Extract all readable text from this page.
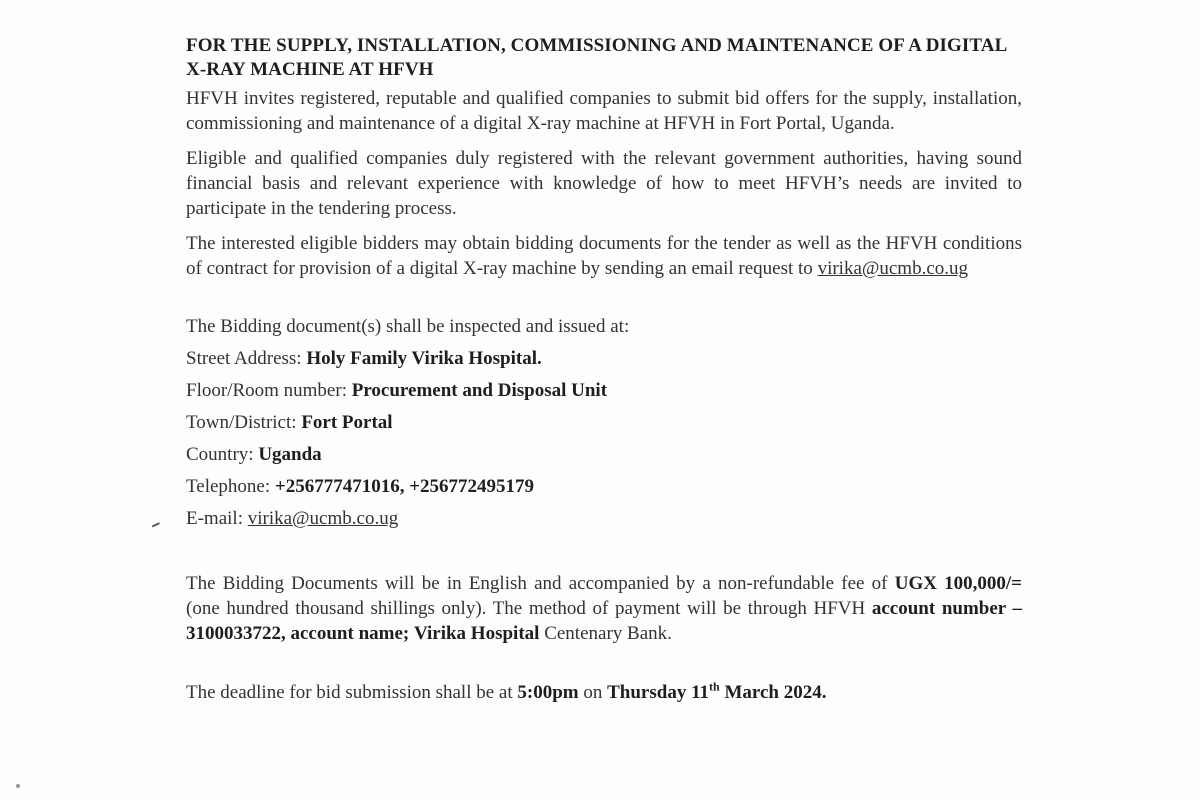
FOR THE SUPPLY, INSTALLATION, COMMISSIONING AND MAINTENANCE OF A DIGITAL X-RAY MACHINE AT HFVH

HFVH invites registered, reputable and qualified companies to submit bid offers for the supply, installation, commissioning and maintenance of a digital X-ray machine at HFVH in Fort Portal, Uganda.

Eligible and qualified companies duly registered with the relevant government authorities, having sound financial basis and relevant experience with knowledge of how to meet HFVH’s needs are invited to participate in the tendering process.

The interested eligible bidders may obtain bidding documents for the tender as well as the HFVH conditions of contract for provision of a digital X-ray machine by sending an email request to virika@ucmb.co.ug

The Bidding document(s) shall be inspected and issued at:
Street Address: Holy Family Virika Hospital.
Floor/Room number: Procurement and Disposal Unit
Town/District: Fort Portal
Country: Uganda
Telephone: +256777471016, +256772495179
E-mail: virika@ucmb.co.ug

The Bidding Documents will be in English and accompanied by a non-refundable fee of UGX 100,000/= (one hundred thousand shillings only). The method of payment will be through HFVH account number – 3100033722, account name; Virika Hospital Centenary Bank.

The deadline for bid submission shall be at 5:00pm on Thursday 11th March 2024.
